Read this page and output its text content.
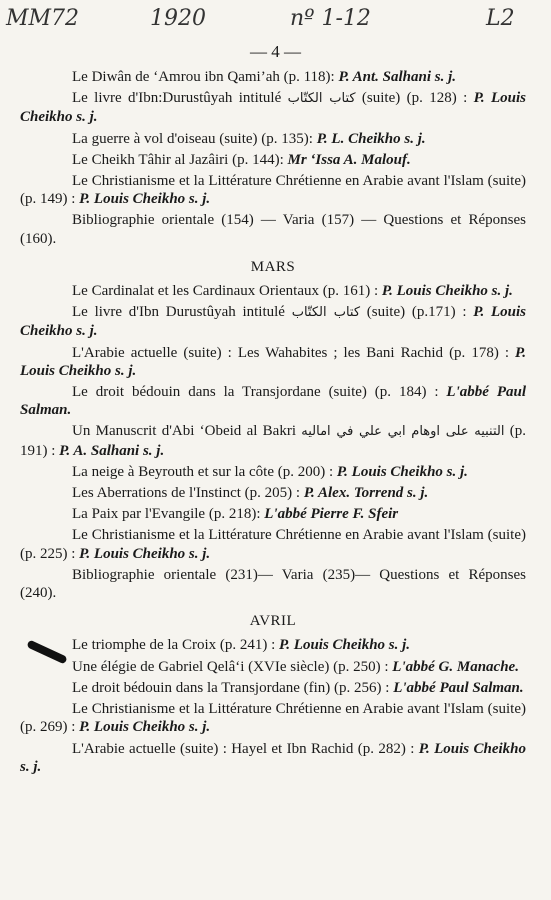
MM72	1920	nº 1-12	L2
— 4 —
Le Diwân de ‘Amrou ibn Qami’ah (p. 118): P. Ant. Salhani s. j.
Le livre d'Ibn:Durustûyah intitulé كتاب الكتّاب (suite) (p. 128) : P. Louis Cheikho s. j.
La guerre à vol d'oiseau (suite) (p. 135): P. L. Cheikho s. j.
Le Cheikh Tâhir al Jazâiri (p. 144): Mr ‘Issa A. Malouf.
Le Christianisme et la Littérature Chrétienne en Arabie avant l'Islam (suite) (p. 149) : P. Louis Cheikho s. j.
Bibliographie orientale (154) — Varia (157) — Questions et Réponses (160).
MARS
Le Cardinalat et les Cardinaux Orientaux (p. 161) : P. Louis Cheikho s. j.
Le livre d'Ibn Durustûyah intitulé كتاب الكتّاب (suite) (p.171) : P. Louis Cheikho s. j.
L'Arabie actuelle (suite) : Les Wahabites ; les Bani Rachid (p. 178) : P. Louis Cheikho s. j.
Le droit bédouin dans la Transjordane (suite) (p. 184) : L'abbé Paul Salman.
Un Manuscrit d'Abi ‘Obeid al Bakri التنبيه على اوهام ابي علي في اماليه (p. 191) : P. A. Salhani s. j.
La neige à Beyrouth et sur la côte (p. 200) : P. Louis Cheikho s. j.
Les Aberrations de l'Instinct (p. 205) : P. Alex. Torrend s. j.
La Paix par l'Evangile (p. 218): L'abbé Pierre F. Sfeir
Le Christianisme et la Littérature Chrétienne en Arabie avant l'Islam (suite) (p. 225) : P. Louis Cheikho s. j.
Bibliographie orientale (231)— Varia (235)— Questions et Réponses (240).
AVRIL
Le triomphe de la Croix (p. 241) : P. Louis Cheikho s. j.
Une élégie de Gabriel Qelâ‘i (XVIe siècle) (p. 250) : L'abbé G. Manache.
Le droit bédouin dans la Transjordane (fin) (p. 256) : L'abbé Paul Salman.
Le Christianisme et la Littérature Chrétienne en Arabie avant l'Islam (suite) (p. 269) : P. Louis Cheikho s. j.
L'Arabie actuelle (suite) : Hayel et Ibn Rachid (p. 282) : P. Louis Cheikho s. j.
